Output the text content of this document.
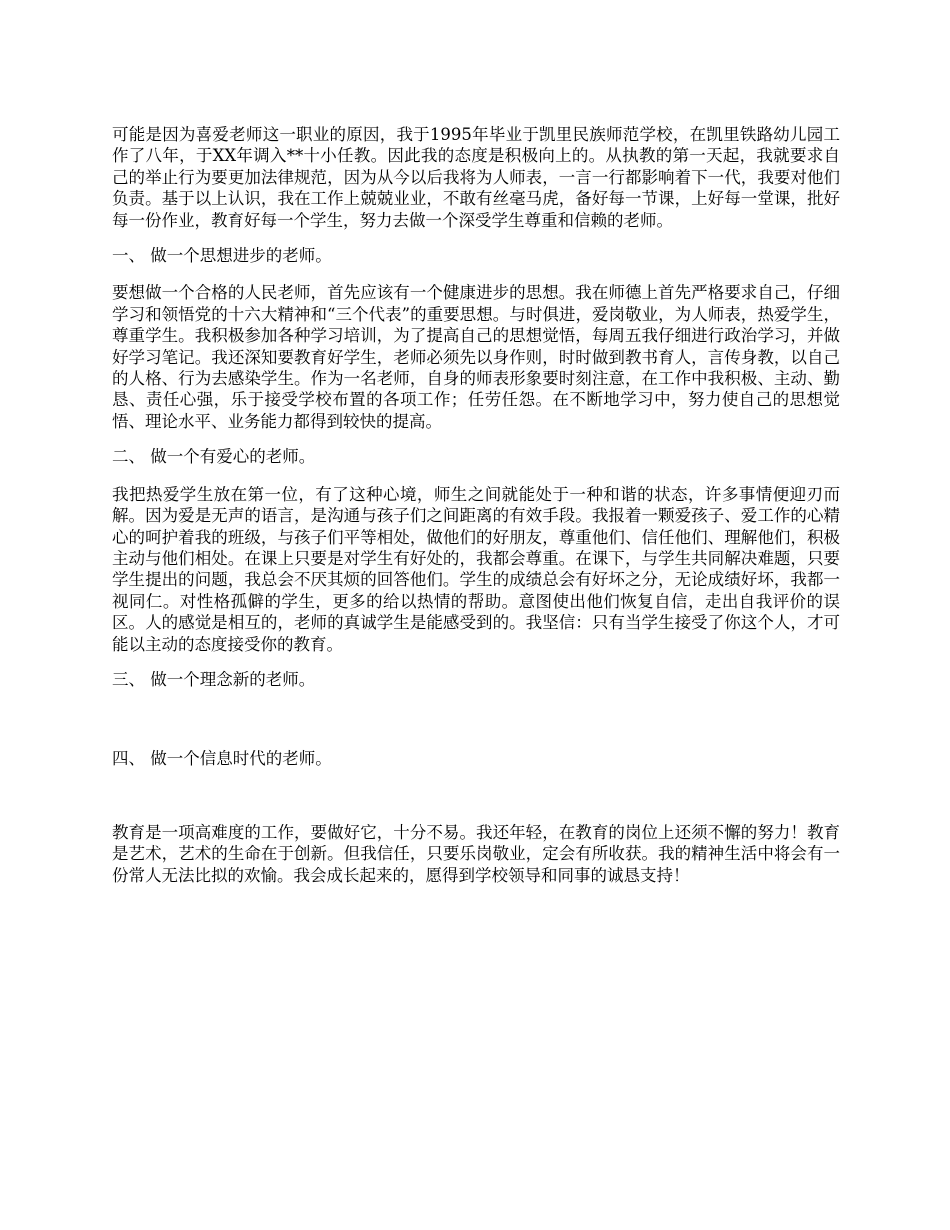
可能是因为喜爱老师这一职业的原因，我于1995年毕业于凯里民族师范学校，在凯里铁路幼儿园工作了八年，于XX年调入**十小任教。因此我的态度是积极向上的。从执教的第一天起，我就要求自己的举止行为要更加法律规范，因为从今以后我将为人师表，一言一行都影响着下一代，我要对他们负责。基于以上认识，我在工作上兢兢业业，不敢有丝毫马虎，备好每一节课，上好每一堂课，批好每一份作业，教育好每一个学生，努力去做一个深受学生尊重和信赖的老师。

一、 做一个思想进步的老师。

要想做一个合格的人民老师，首先应该有一个健康进步的思想。我在师德上首先严格要求自己，仔细学习和领悟党的十六大精神和“三个代表”的重要思想。与时俱进，爱岗敬业，为人师表，热爱学生，尊重学生。我积极参加各种学习培训，为了提高自己的思想觉悟，每周五我仔细进行政治学习，并做好学习笔记。我还深知要教育好学生，老师必须先以身作则，时时做到教书育人，言传身教，以自己的人格、行为去感染学生。作为一名老师，自身的师表形象要时刻注意，在工作中我积极、主动、勤恳、责任心强，乐于接受学校布置的各项工作；任劳任怨。在不断地学习中，努力使自己的思想觉悟、理论水平、业务能力都得到较快的提高。

二、 做一个有爱心的老师。

我把热爱学生放在第一位，有了这种心境，师生之间就能处于一种和谐的状态，许多事情便迎刃而解。因为爱是无声的语言，是沟通与孩子们之间距离的有效手段。我报着一颗爱孩子、爱工作的心精心的呵护着我的班级，与孩子们平等相处，做他们的好朋友，尊重他们、信任他们、理解他们，积极主动与他们相处。在课上只要是对学生有好处的，我都会尊重。在课下，与学生共同解决难题，只要学生提出的问题，我总会不厌其烦的回答他们。学生的成绩总会有好坏之分，无论成绩好坏，我都一视同仁。对性格孤僻的学生，更多的给以热情的帮助。意图使出他们恢复自信，走出自我评价的误区。人的感觉是相互的，老师的真诚学生是能感受到的。我坚信：只有当学生接受了你这个人，才可能以主动的态度接受你的教育。

三、 做一个理念新的老师。

四、 做一个信息时代的老师。

教育是一项高难度的工作，要做好它，十分不易。我还年轻，在教育的岗位上还须不懈的努力！教育是艺术，艺术的生命在于创新。但我信任，只要乐岗敬业，定会有所收获。我的精神生活中将会有一份常人无法比拟的欢愉。我会成长起来的，愿得到学校领导和同事的诚恳支持！
